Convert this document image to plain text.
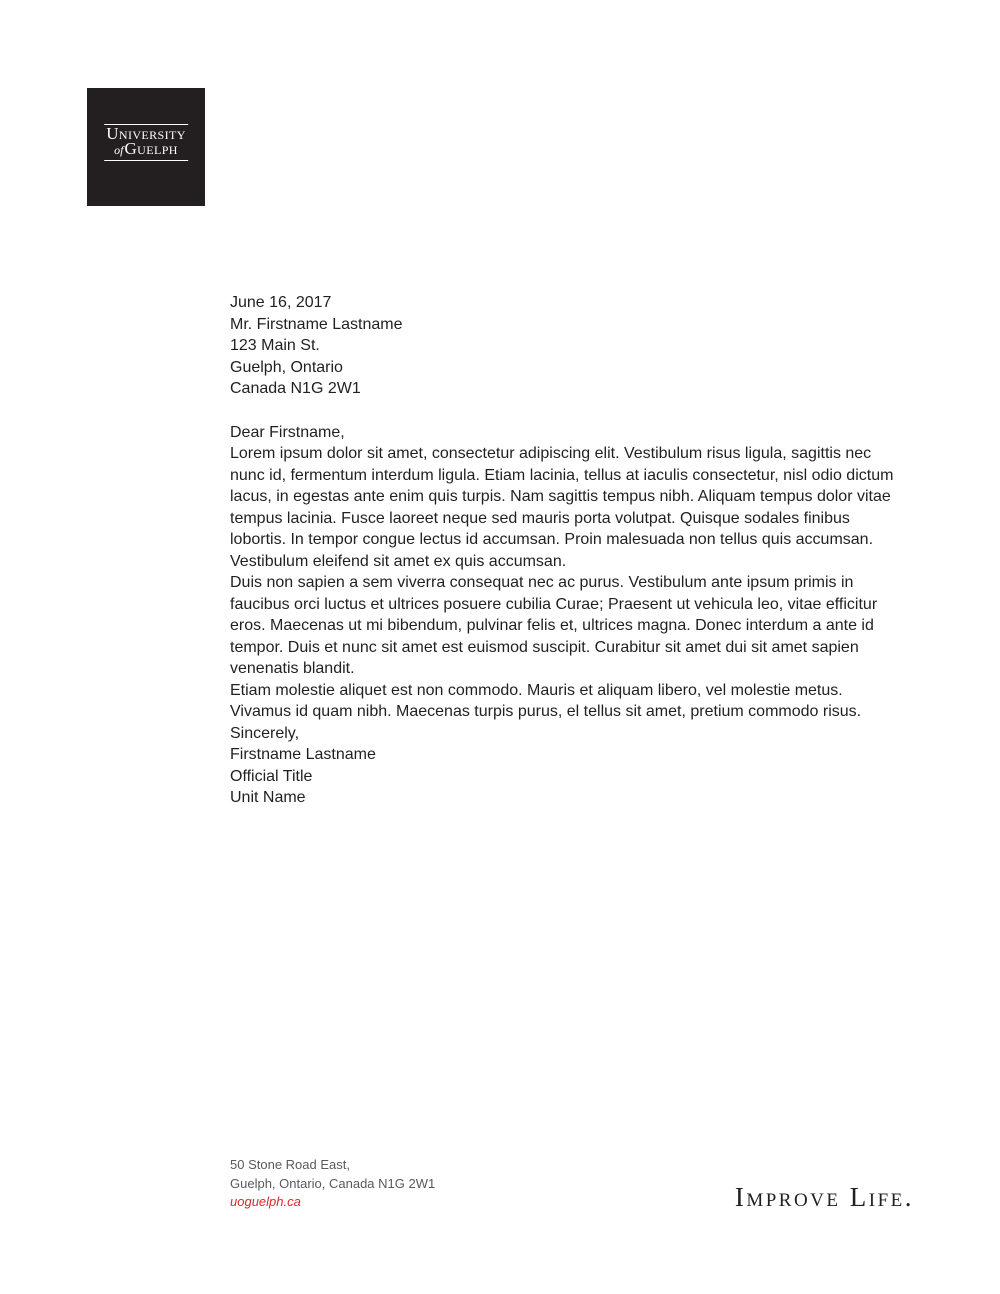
University
ofGuelph

June 16, 2017

Mr. Firstname Lastname
123 Main St.
Guelph, Ontario
Canada N1G 2W1

Dear Firstname,

Lorem ipsum dolor sit amet, consectetur adipiscing elit. Vestibulum risus ligula, sagittis nec nunc id, fermentum interdum ligula. Etiam lacinia, tellus at iaculis consectetur, nisl odio dictum lacus, in egestas ante enim quis turpis. Nam sagittis tempus nibh. Aliquam tempus dolor vitae tempus lacinia. Fusce laoreet neque sed mauris porta volutpat. Quisque sodales finibus lobortis. In tempor congue lectus id accumsan. Proin malesuada non tellus quis accumsan. Vestibulum eleifend sit amet ex quis accumsan.

Duis non sapien a sem viverra consequat nec ac purus. Vestibulum ante ipsum primis in faucibus orci luctus et ultrices posuere cubilia Curae; Praesent ut vehicula leo, vitae efficitur eros. Maecenas ut mi bibendum, pulvinar felis et, ultrices magna. Donec interdum a ante id tempor. Duis et nunc sit amet est euismod suscipit. Curabitur sit amet dui sit amet sapien venenatis blandit.

Etiam molestie aliquet est non commodo. Mauris et aliquam libero, vel molestie metus. Vivamus id quam nibh. Maecenas turpis purus, el tellus sit amet, pretium commodo risus.

Sincerely,

Firstname Lastname
Official Title
Unit Name
50 Stone Road East,
Guelph, Ontario, Canada N1G 2W1
uoguelph.ca	Improve Life.
